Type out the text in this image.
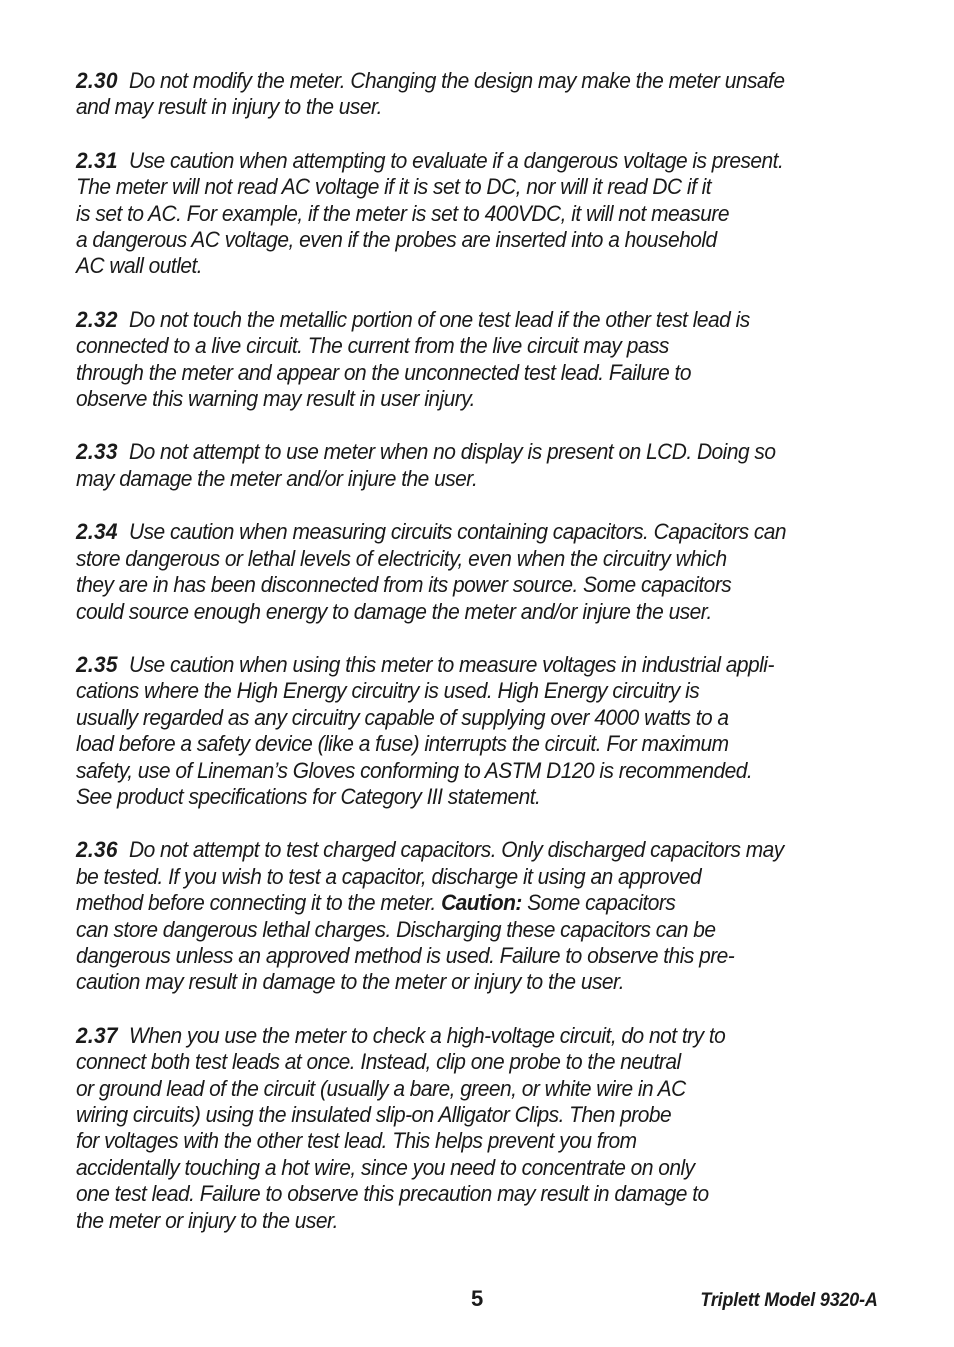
2.30 Do not modify the meter. Changing the design may make the meter unsafe
and may result in injury to the user.
2.31 Use caution when attempting to evaluate if a dangerous voltage is present.
The meter will not read AC voltage if it is set to DC, nor will it read DC if it
is set to AC. For example, if the meter is set to 400VDC, it will not measure
a dangerous AC voltage, even if the probes are inserted into a household
AC wall outlet.
2.32 Do not touch the metallic portion of one test lead if the other test lead is
connected to a live circuit. The current from the live circuit may pass
through the meter and appear on the unconnected test lead. Failure to
observe this warning may result in user injury.
2.33 Do not attempt to use meter when no display is present on LCD. Doing so
may damage the meter and/or injure the user.
2.34 Use caution when measuring circuits containing capacitors. Capacitors can
store dangerous or lethal levels of electricity, even when the circuitry which
they are in has been disconnected from its power source. Some capacitors
could source enough energy to damage the meter and/or injure the user.
2.35 Use caution when using this meter to measure voltages in industrial appli-
cations where the High Energy circuitry is used. High Energy circuitry is
usually regarded as any circuitry capable of supplying over 4000 watts to a
load before a safety device (like a fuse) interrupts the circuit. For maximum
safety, use of Lineman’s Gloves conforming to ASTM D120 is recommended.
See product specifications for Category III statement.
2.36 Do not attempt to test charged capacitors. Only discharged capacitors may
be tested. If you wish to test a capacitor, discharge it using an approved
method before connecting it to the meter. Caution: Some capacitors
can store dangerous lethal charges. Discharging these capacitors can be
dangerous unless an approved method is used. Failure to observe this pre-
caution may result in damage to the meter or injury to the user.
2.37 When you use the meter to check a high-voltage circuit, do not try to
connect both test leads at once. Instead, clip one probe to the neutral
or ground lead of the circuit (usually a bare, green, or white wire in AC
wiring circuits) using the insulated slip-on Alligator Clips. Then probe
for voltages with the other test lead. This helps prevent you from
accidentally touching a hot wire, since you need to concentrate on only
one test lead. Failure to observe this precaution may result in damage to
the meter or injury to the user.
5	Triplett Model 9320-A
